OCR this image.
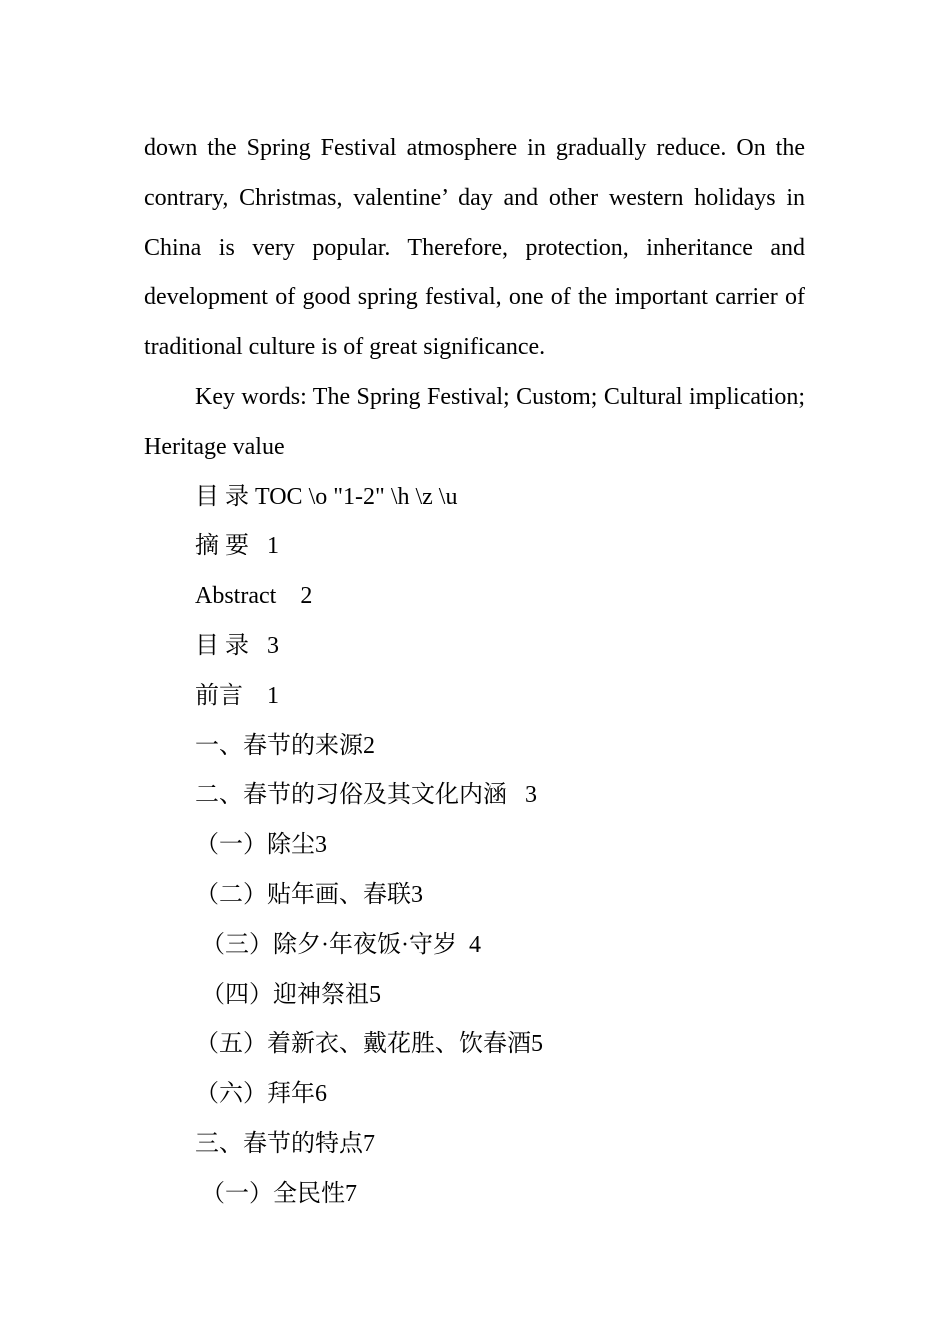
down the Spring Festival atmosphere in gradually reduce. On the contrary, Christmas, valentine’ day and other western holidays in China is very popular. Therefore, protection, inheritance and development of good spring festival, one of the important carrier of traditional culture is of great significance.

Key words: The Spring Festival; Custom; Cultural implication; Heritage value

目 录 TOC \o "1-2" \h \z \u

摘 要 1

Abstract 2

目 录 3

前言 1

一、春节的来源2

二、春节的习俗及其文化内涵 3

（一）除尘3

（二）贴年画、春联3

（三）除夕·年夜饭·守岁 4

（四）迎神祭祖5

（五）着新衣、戴花胜、饮春酒5

（六）拜年6

三、春节的特点7

（一）全民性7
